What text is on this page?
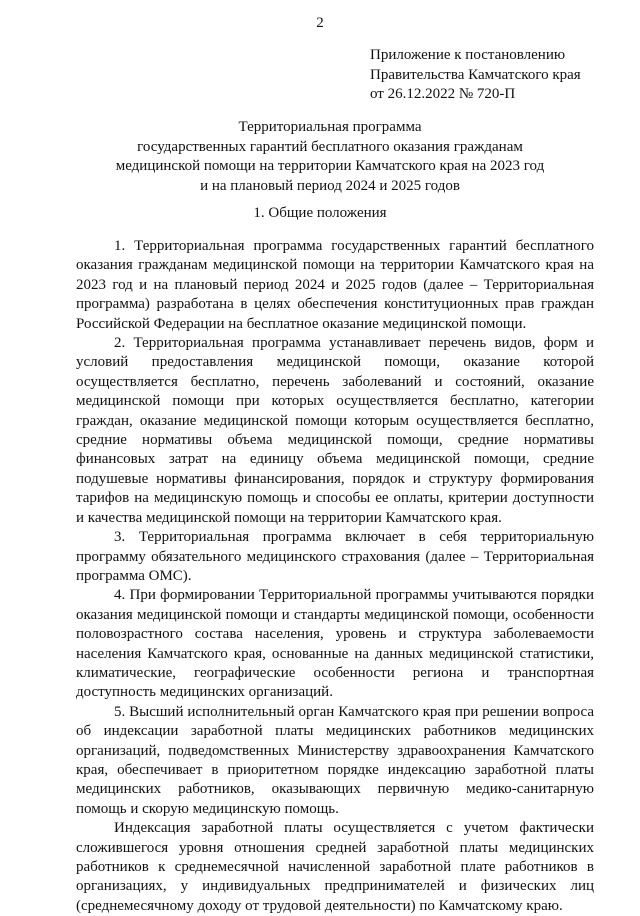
2
Приложение к постановлению
Правительства Камчатского края
от 26.12.2022 № 720-П
Территориальная программа
государственных гарантий бесплатного оказания гражданам
медицинской помощи на территории Камчатского края на 2023 год
и на плановый период 2024 и 2025 годов
1. Общие положения

1. Территориальная программа государственных гарантий бесплатного оказания гражданам медицинской помощи на территории Камчатского края на 2023 год и на плановый период 2024 и 2025 годов (далее – Территориальная программа) разработана в целях обеспечения конституционных прав граждан Российской Федерации на бесплатное оказание медицинской помощи.

2. Территориальная программа устанавливает перечень видов, форм и условий предоставления медицинской помощи, оказание которой осуществляется бесплатно, перечень заболеваний и состояний, оказание медицинской помощи при которых осуществляется бесплатно, категории граждан, оказание медицинской помощи которым осуществляется бесплатно, средние нормативы объема медицинской помощи, средние нормативы финансовых затрат на единицу объема медицинской помощи, средние подушевые нормативы финансирования, порядок и структуру формирования тарифов на медицинскую помощь и способы ее оплаты, критерии доступности и качества медицинской помощи на территории Камчатского края.

3. Территориальная программа включает в себя территориальную программу обязательного медицинского страхования (далее – Территориальная программа ОМС).

4. При формировании Территориальной программы учитываются порядки оказания медицинской помощи и стандарты медицинской помощи, особенности половозрастного состава населения, уровень и структура заболеваемости населения Камчатского края, основанные на данных медицинской статистики, климатические, географические особенности региона и транспортная доступность медицинских организаций.

5. Высший исполнительный орган Камчатского края при решении вопроса об индексации заработной платы медицинских работников медицинских организаций, подведомственных Министерству здравоохранения Камчатского края, обеспечивает в приоритетном порядке индексацию заработной платы медицинских работников, оказывающих первичную медико-санитарную помощь и скорую медицинскую помощь.

Индексация заработной платы осуществляется с учетом фактически сложившегося уровня отношения средней заработной платы медицинских работников к среднемесячной начисленной заработной плате работников в организациях, у индивидуальных предпринимателей и физических лиц (среднемесячному доходу от трудовой деятельности) по Камчатскому краю.
